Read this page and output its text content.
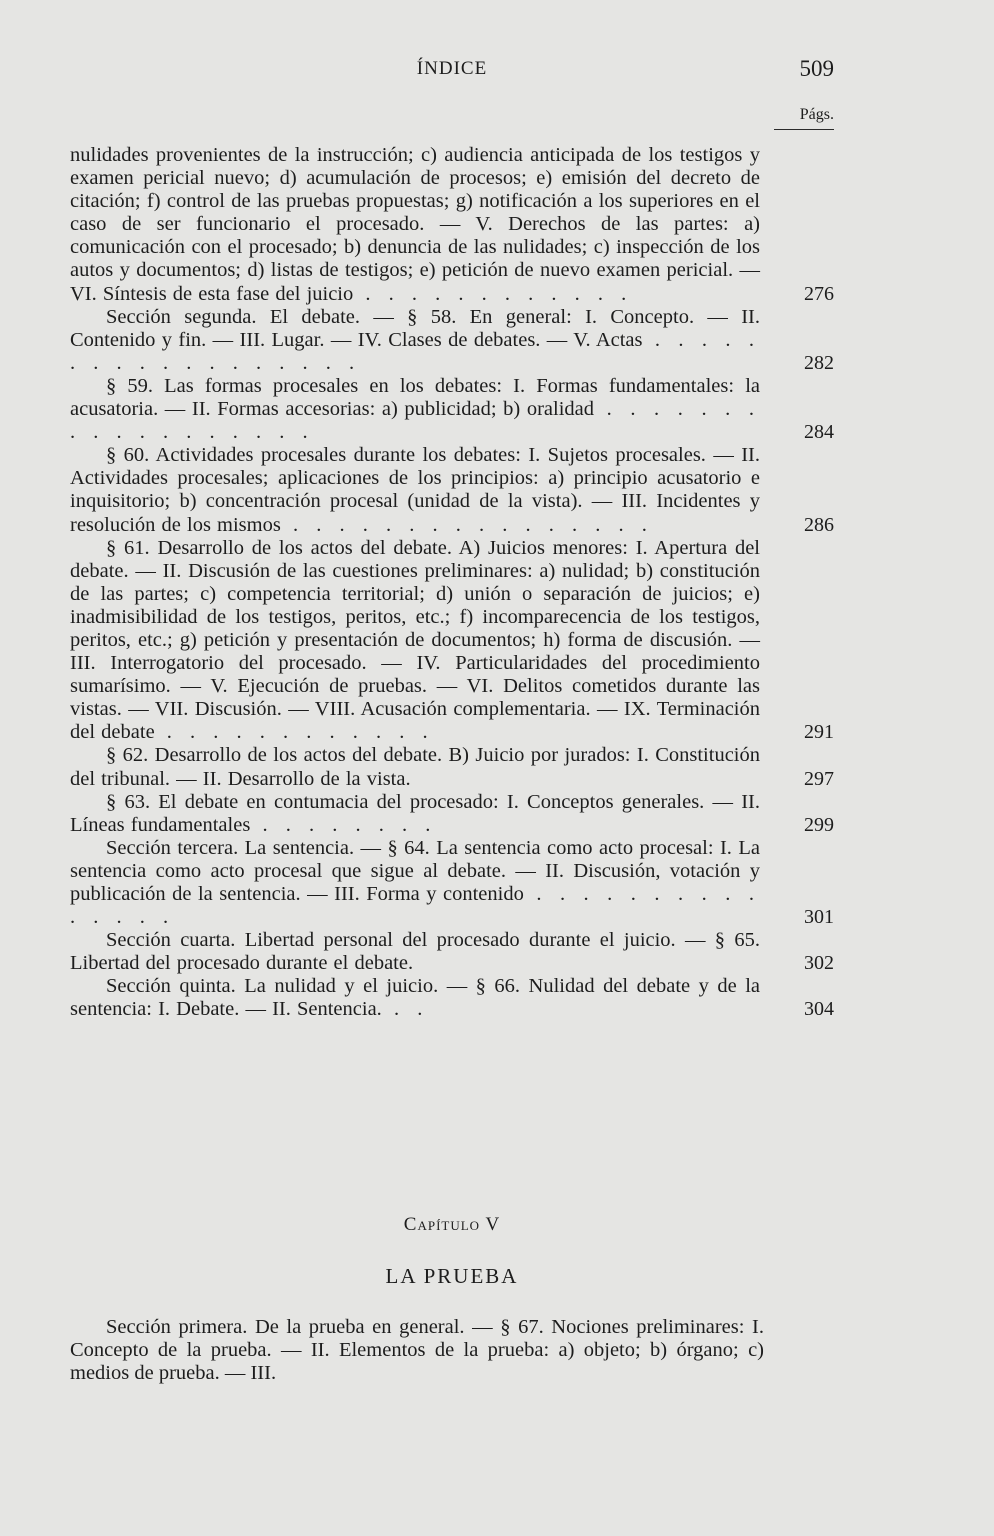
ÍNDICE	509
Págs.
nulidades provenientes de la instrucción; c) audiencia anticipada de los testigos y examen pericial nuevo; d) acumulación de procesos; e) emisión del decreto de citación; f) control de las pruebas propuestas; g) notificación a los superiores en el caso de ser funcionario el procesado. — V. Derechos de las partes: a) comunicación con el procesado; b) denuncia de las nulidades; c) inspección de los autos y documentos; d) listas de testigos; e) petición de nuevo examen pericial. — VI. Síntesis de esta fase del juicio . . . . . . . . . . . .	276
Sección segunda. El debate. — § 58. En general: I. Concepto. — II. Contenido y fin. — III. Lugar. — IV. Clases de debates. — V. Actas . . . . . . . . . . . . . . . . . .	282
§ 59. Las formas procesales en los debates: I. Formas fundamentales: la acusatoria. — II. Formas accesorias: a) publicidad; b) oralidad . . . . . . . . . . . . . . . . . .	284
§ 60. Actividades procesales durante los debates: I. Sujetos procesales. — II. Actividades procesales; aplicaciones de los principios: a) principio acusatorio e inquisitorio; b) concentración procesal (unidad de la vista). — III. Incidentes y resolución de los mismos . . . . . . . . . . . . . . . .	286
§ 61. Desarrollo de los actos del debate. A) Juicios menores: I. Apertura del debate. — II. Discusión de las cuestiones preliminares: a) nulidad; b) constitución de las partes; c) competencia territorial; d) unión o separación de juicios; e) inadmisibilidad de los testigos, peritos, etc.; f) incomparecencia de los testigos, peritos, etc.; g) petición y presentación de documentos; h) forma de discusión. — III. Interrogatorio del procesado. — IV. Particularidades del procedimiento sumarísimo. — V. Ejecución de pruebas. — VI. Delitos cometidos durante las vistas. — VII. Discusión. — VIII. Acusación complementaria. — IX. Terminación del debate . . . . . . . . . . . .	291
§ 62. Desarrollo de los actos del debate. B) Juicio por jurados: I. Constitución del tribunal. — II. Desarrollo de la vista.	297
§ 63. El debate en contumacia del procesado: I. Conceptos generales. — II. Líneas fundamentales . . . . . . . .	299
Sección tercera. La sentencia. — § 64. La sentencia como acto procesal: I. La sentencia como acto procesal que sigue al debate. — II. Discusión, votación y publicación de la sentencia. — III. Forma y contenido . . . . . . . . . . . . . . .	301
Sección cuarta. Libertad personal del procesado durante el juicio. — § 65. Libertad del procesado durante el debate.	302
Sección quinta. La nulidad y el juicio. — § 66. Nulidad del debate y de la sentencia: I. Debate. — II. Sentencia. . .	304
Capítulo V
LA PRUEBA
Sección primera. De la prueba en general. — § 67. Nociones preliminares: I. Concepto de la prueba. — II. Elementos de la prueba: a) objeto; b) órgano; c) medios de prueba. — III.
